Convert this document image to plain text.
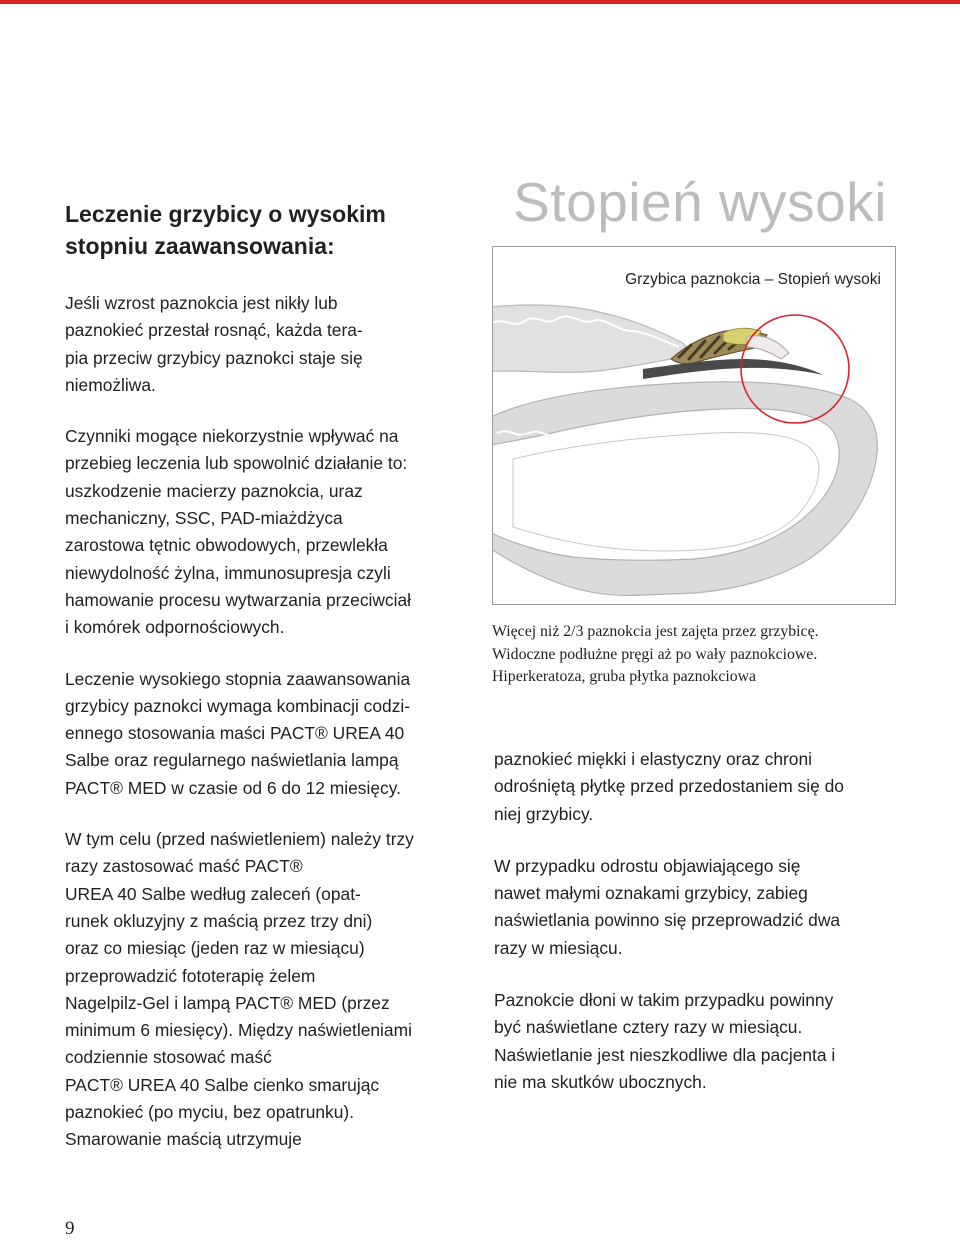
Leczenie grzybicy o wysokim
stopniu zaawansowania:

Jeśli wzrost paznokcia jest nikły lub
paznokieć przestał rosnąć, każda tera-
pia przeciw grzybicy paznokci staje się
niemożliwa.

Czynniki mogące niekorzystnie wpływać na
przebieg leczenia lub spowolnić działanie to:
uszkodzenie macierzy paznokcia, uraz
mechaniczny, SSC, PAD-miażdżyca
zarostowa tętnic obwodowych, przewlekła
niewydolność żylna, immunosupresja czyli
hamowanie procesu wytwarzania przeciwciał
i komórek odpornościowych.

Leczenie wysokiego stopnia zaawansowania
grzybicy paznokci wymaga kombinacji codzi-
ennego stosowania maści PACT® UREA 40
Salbe oraz regularnego naświetlania lampą
PACT® MED w czasie od 6 do 12 miesięcy.

W tym celu (przed naświetleniem) należy trzy
razy zastosować maść PACT®
UREA 40 Salbe według zaleceń (opat-
runek okluzyjny z maścią przez trzy dni)
oraz co miesiąc (jeden raz w miesiącu)
przeprowadzić fototerapię żelem
Nagelpilz-Gel i lampą PACT® MED (przez
minimum 6 miesięcy). Między naświetleniami
codziennie stosować maść
PACT® UREA 40 Salbe cienko smarując
paznokieć (po myciu, bez opatrunku).
Smarowanie maścią utrzymuje

Stopień wysoki
Grzybica paznokcia – Stopień wysoki
Więcej niż 2/3 paznokcia jest zajęta przez grzybicę.
Widoczne podłużne pręgi aż po wały paznokciowe.
Hiperkeratoza, gruba płytka paznokciowa

paznokieć miękki i elastyczny oraz chroni
odrośniętą płytkę przed przedostaniem się do
niej grzybicy.

W przypadku odrostu objawiającego się
nawet małymi oznakami grzybicy, zabieg
naświetlania powinno się przeprowadzić dwa
razy w miesiącu.

Paznokcie dłoni w takim przypadku powinny
być naświetlane cztery razy w miesiącu.
Naświetlanie jest nieszkodliwe dla pacjenta i
nie ma skutków ubocznych.

9
